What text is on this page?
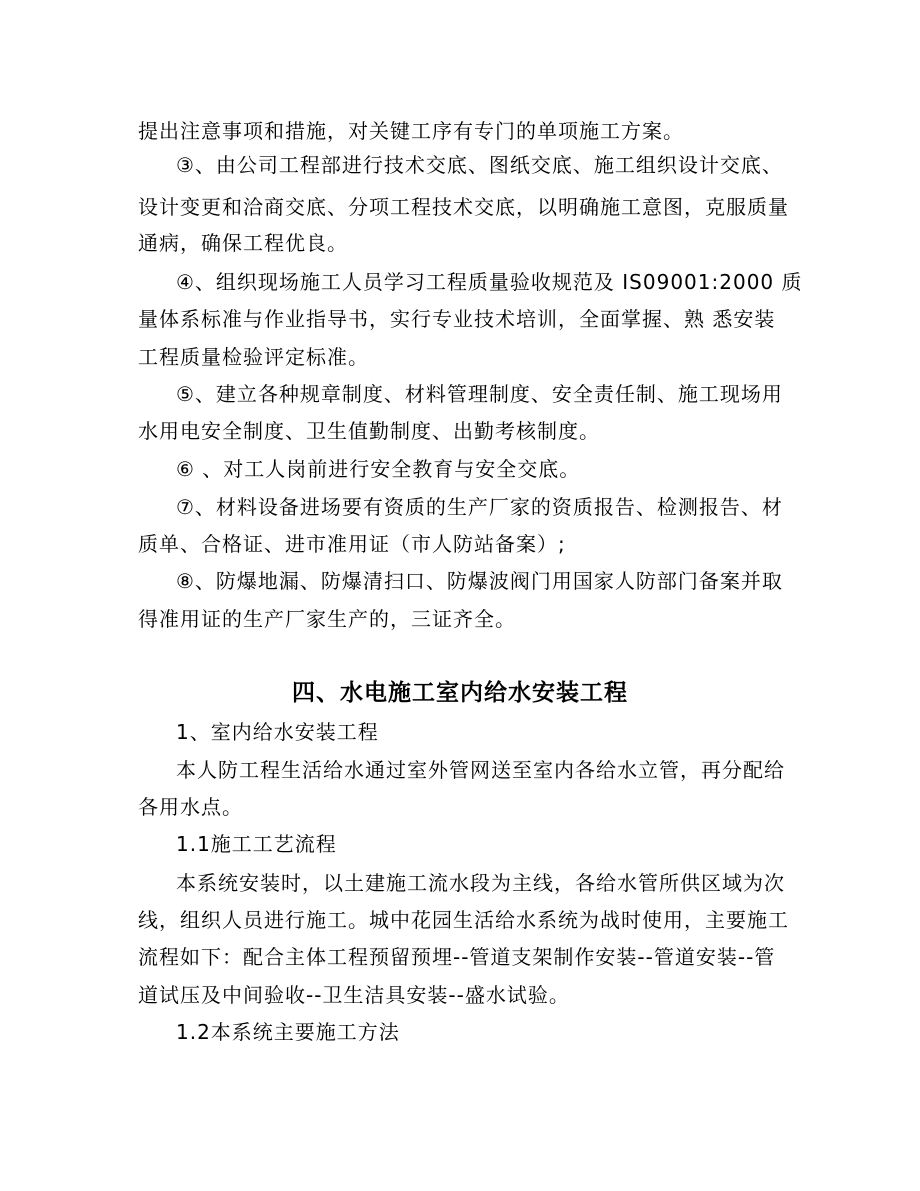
提出注意事项和措施，对关键工序有专门的单项施工方案。
③、由公司工程部进行技术交底、图纸交底、施工组织设计交底、
设计变更和洽商交底、分项工程技术交底，以明确施工意图，克服质量
通病，确保工程优良。
④、组织现场施工人员学习工程质量验收规范及 IS09001:2000 质
量体系标准与作业指导书，实行专业技术培训，全面掌握、熟 悉安装
工程质量检验评定标准。
⑤、建立各种规章制度、材料管理制度、安全责任制、施工现场用
水用电安全制度、卫生值勤制度、出勤考核制度。
⑥ 、对工人岗前进行安全教育与安全交底。
⑦、材料设备进场要有资质的生产厂家的资质报告、检测报告、材
质单、合格证、进市准用证（市人防站备案）;
⑧、防爆地漏、防爆清扫口、防爆波阀门用国家人防部门备案并取
得准用证的生产厂家生产的，三证齐全。
四、水电施工室内给水安装工程
1、室内给水安装工程
本人防工程生活给水通过室外管网送至室内各给水立管，再分配给
各用水点。
1.1施工工艺流程
本系统安装时，以土建施工流水段为主线，各给水管所供区域为次
线，组织人员进行施工。城中花园生活给水系统为战时使用，主要施工
流程如下：配合主体工程预留预埋--管道支架制作安装--管道安装--管
道试压及中间验收--卫生洁具安装--盛水试验。
1.2本系统主要施工方法
